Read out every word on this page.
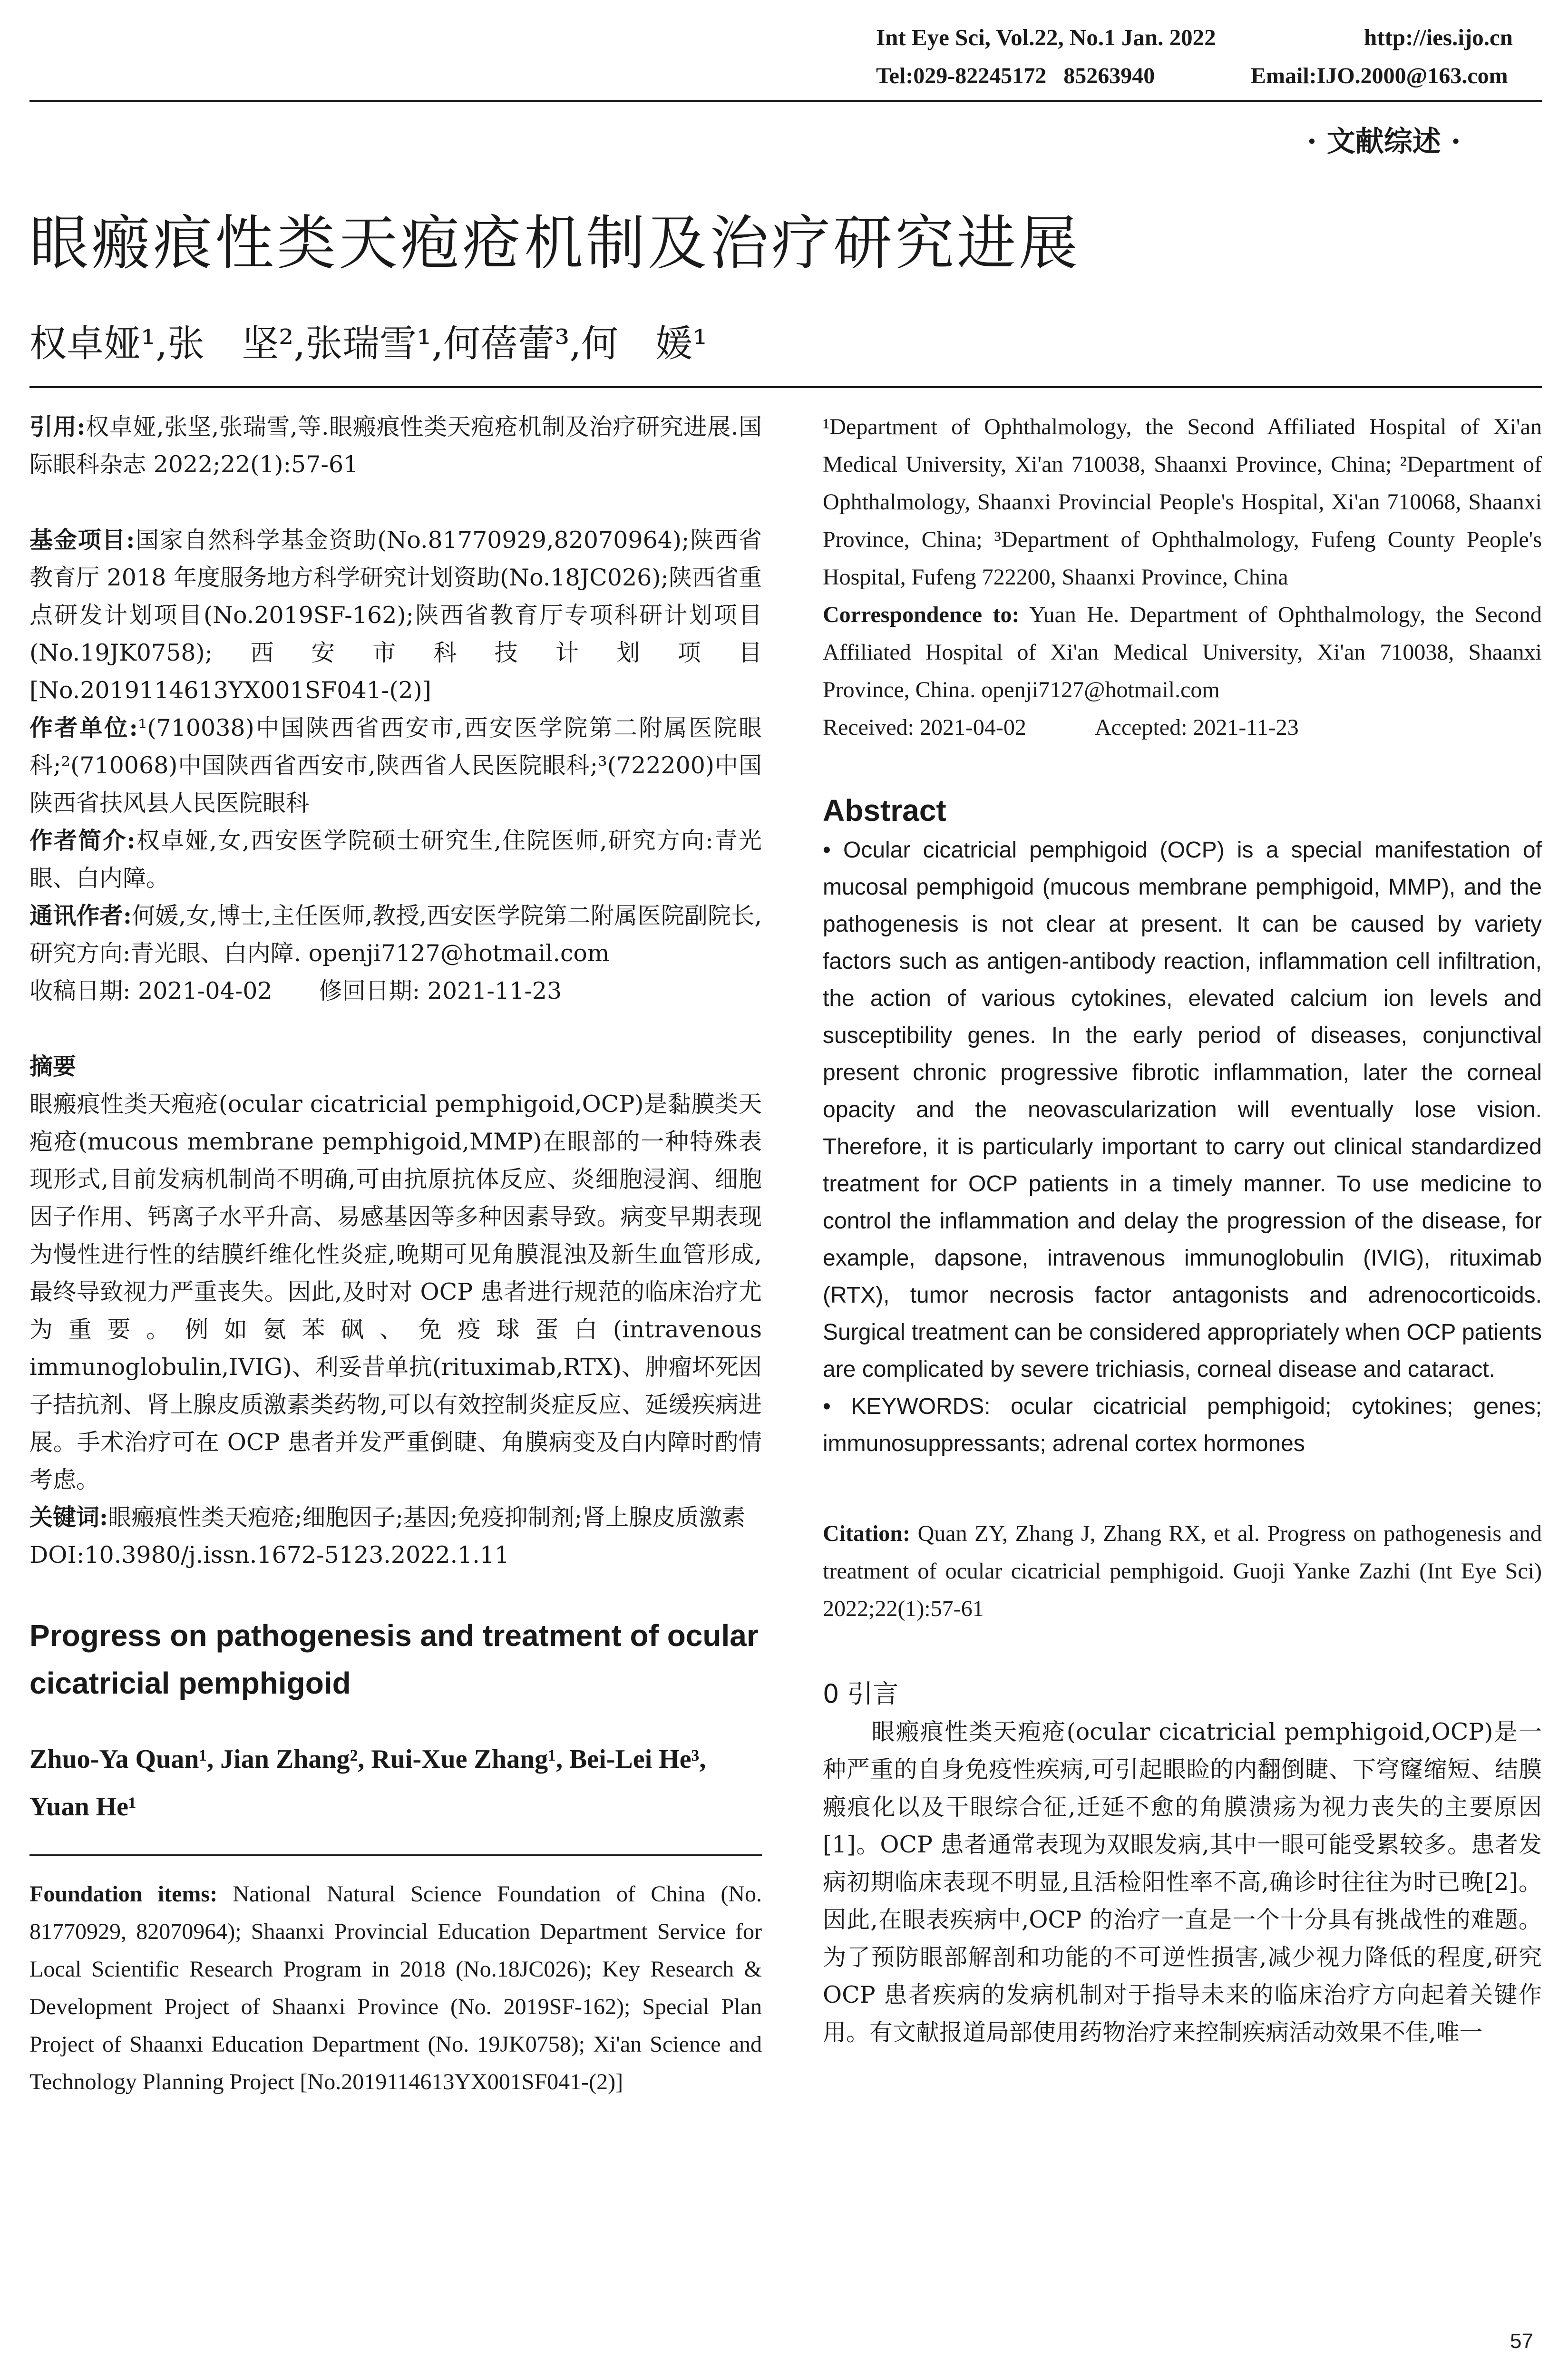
Int Eye Sci, Vol.22, No.1 Jan. 2022	http://ies.ijo.cn
Tel:029-82245172   85263940	Email:IJO.2000@163.com
· 文献综述 ·
眼瘢痕性类天疱疮机制及治疗研究进展
权卓娅¹,张　坚²,张瑞雪¹,何蓓蕾³,何　媛¹
引用:权卓娅,张坚,张瑞雪,等.眼瘢痕性类天疱疮机制及治疗研究进展.国际眼科杂志 2022;22(1):57-61
基金项目:国家自然科学基金资助(No.81770929,82070964);陕西省教育厅 2018 年度服务地方科学研究计划资助(No.18JC026);陕西省重点研发计划项目(No.2019SF-162);陕西省教育厅专项科研计划项目(No.19JK0758);西安市科技计划项目[No.2019114613YX001SF041-(2)]
作者单位:¹(710038)中国陕西省西安市,西安医学院第二附属医院眼科;²(710068)中国陕西省西安市,陕西省人民医院眼科;³(722200)中国陕西省扶风县人民医院眼科
作者简介:权卓娅,女,西安医学院硕士研究生,住院医师,研究方向:青光眼、白内障。
通讯作者:何媛,女,博士,主任医师,教授,西安医学院第二附属医院副院长,研究方向:青光眼、白内障. openji7127@hotmail.com
收稿日期: 2021-04-02　　修回日期: 2021-11-23
摘要
眼瘢痕性类天疱疮(ocular cicatricial pemphigoid,OCP)是黏膜类天疱疮(mucous membrane pemphigoid,MMP)在眼部的一种特殊表现形式,目前发病机制尚不明确,可由抗原抗体反应、炎细胞浸润、细胞因子作用、钙离子水平升高、易感基因等多种因素导致。病变早期表现为慢性进行性的结膜纤维化性炎症,晚期可见角膜混浊及新生血管形成,最终导致视力严重丧失。因此,及时对 OCP 患者进行规范的临床治疗尤为重要。例如氨苯砜、免疫球蛋白(intravenous immunoglobulin,IVIG)、利妥昔单抗(rituximab,RTX)、肿瘤坏死因子拮抗剂、肾上腺皮质激素类药物,可以有效控制炎症反应、延缓疾病进展。手术治疗可在 OCP 患者并发严重倒睫、角膜病变及白内障时酌情考虑。
关键词:眼瘢痕性类天疱疮;细胞因子;基因;免疫抑制剂;肾上腺皮质激素
DOI:10.3980/j.issn.1672-5123.2022.1.11
Progress on pathogenesis and treatment of ocular cicatricial pemphigoid
Zhuo-Ya Quan¹, Jian Zhang², Rui-Xue Zhang¹, Bei-Lei He³, Yuan He¹
Foundation items: National Natural Science Foundation of China (No. 81770929, 82070964); Shaanxi Provincial Education Department Service for Local Scientific Research Program in 2018 (No.18JC026); Key Research & Development Project of Shaanxi Province (No. 2019SF-162); Special Plan Project of Shaanxi Education Department (No. 19JK0758); Xi'an Science and Technology Planning Project [No.2019114613YX001SF041-(2)]
¹Department of Ophthalmology, the Second Affiliated Hospital of Xi'an Medical University, Xi'an 710038, Shaanxi Province, China; ²Department of Ophthalmology, Shaanxi Provincial People's Hospital, Xi'an 710068, Shaanxi Province, China; ³Department of Ophthalmology, Fufeng County People's Hospital, Fufeng 722200, Shaanxi Province, China
Correspondence to: Yuan He. Department of Ophthalmology, the Second Affiliated Hospital of Xi'an Medical University, Xi'an 710038, Shaanxi Province, China. openji7127@hotmail.com
Received: 2021-04-02　　　Accepted: 2021-11-23
Abstract
• Ocular cicatricial pemphigoid (OCP) is a special manifestation of mucosal pemphigoid (mucous membrane pemphigoid, MMP), and the pathogenesis is not clear at present. It can be caused by variety factors such as antigen-antibody reaction, inflammation cell infiltration, the action of various cytokines, elevated calcium ion levels and susceptibility genes. In the early period of diseases, conjunctival present chronic progressive fibrotic inflammation, later the corneal opacity and the neovascularization will eventually lose vision. Therefore, it is particularly important to carry out clinical standardized treatment for OCP patients in a timely manner. To use medicine to control the inflammation and delay the progression of the disease, for example, dapsone, intravenous immunoglobulin (IVIG), rituximab (RTX), tumor necrosis factor antagonists and adrenocorticoids. Surgical treatment can be considered appropriately when OCP patients are complicated by severe trichiasis, corneal disease and cataract.
• KEYWORDS: ocular cicatricial pemphigoid; cytokines; genes; immunosuppressants; adrenal cortex hormones
Citation: Quan ZY, Zhang J, Zhang RX, et al. Progress on pathogenesis and treatment of ocular cicatricial pemphigoid. Guoji Yanke Zazhi (Int Eye Sci) 2022;22(1):57-61
0 引言
　　眼瘢痕性类天疱疮(ocular cicatricial pemphigoid,OCP)是一种严重的自身免疫性疾病,可引起眼睑的内翻倒睫、下穹窿缩短、结膜瘢痕化以及干眼综合征,迁延不愈的角膜溃疡为视力丧失的主要原因[1]。OCP 患者通常表现为双眼发病,其中一眼可能受累较多。患者发病初期临床表现不明显,且活检阳性率不高,确诊时往往为时已晚[2]。因此,在眼表疾病中,OCP 的治疗一直是一个十分具有挑战性的难题。为了预防眼部解剖和功能的不可逆性损害,减少视力降低的程度,研究 OCP 患者疾病的发病机制对于指导未来的临床治疗方向起着关键作用。有文献报道局部使用药物治疗来控制疾病活动效果不佳,唯一
57
